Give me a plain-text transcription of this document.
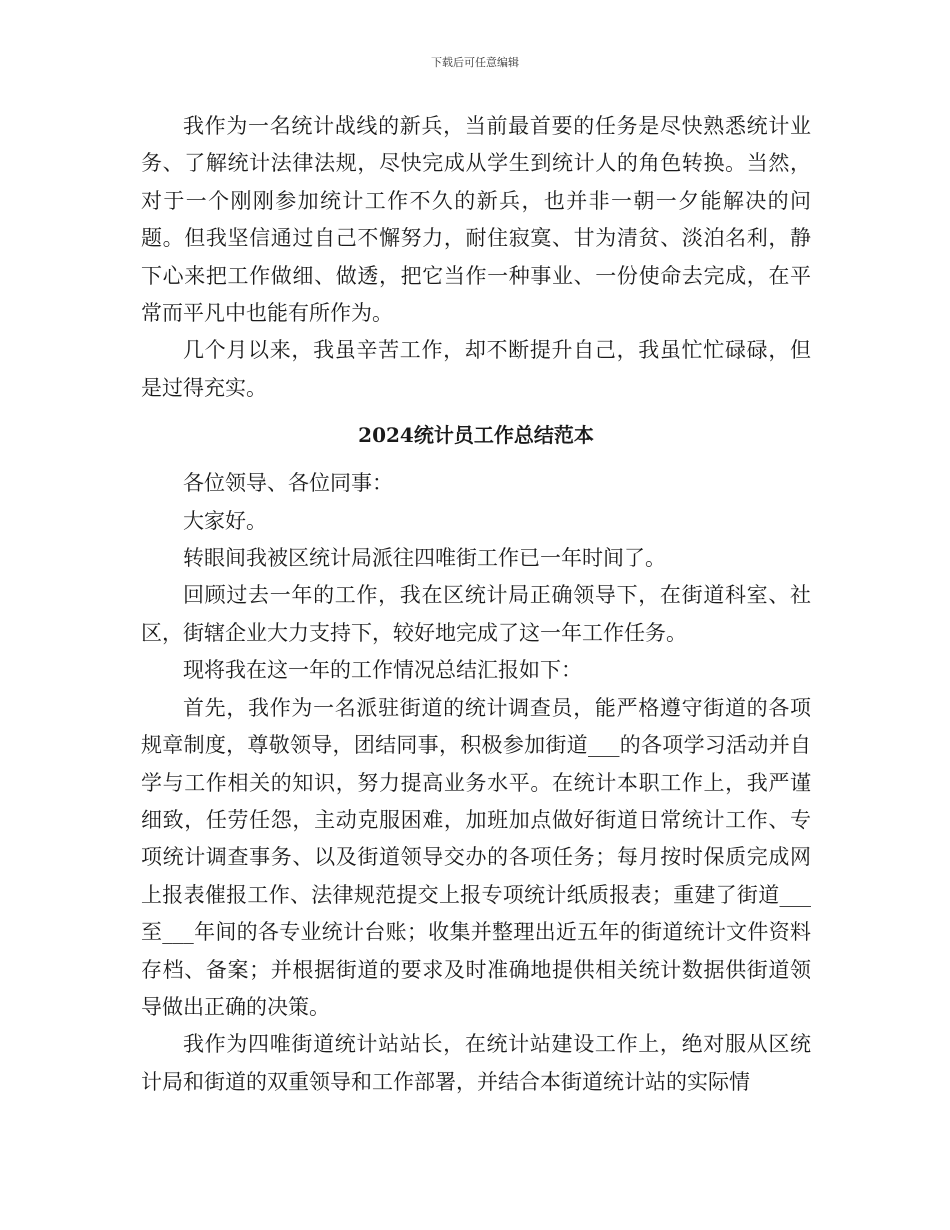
下载后可任意编辑

我作为一名统计战线的新兵，当前最首要的任务是尽快熟悉统计业务、了解统计法律法规，尽快完成从学生到统计人的角色转换。当然，对于一个刚刚参加统计工作不久的新兵，也并非一朝一夕能解决的问题。但我坚信通过自己不懈努力，耐住寂寞、甘为清贫、淡泊名利，静下心来把工作做细、做透，把它当作一种事业、一份使命去完成，在平常而平凡中也能有所作为。

几个月以来，我虽辛苦工作，却不断提升自己，我虽忙忙碌碌，但是过得充实。

2024统计员工作总结范本

各位领导、各位同事：

大家好。

转眼间我被区统计局派往四唯街工作已一年时间了。

回顾过去一年的工作，我在区统计局正确领导下，在街道科室、社区，街辖企业大力支持下，较好地完成了这一年工作任务。

现将我在这一年的工作情况总结汇报如下：

首先，我作为一名派驻街道的统计调查员，能严格遵守街道的各项规章制度，尊敬领导，团结同事，积极参加街道___的各项学习活动并自学与工作相关的知识，努力提高业务水平。在统计本职工作上，我严谨细致，任劳任怨，主动克服困难，加班加点做好街道日常统计工作、专项统计调查事务、以及街道领导交办的各项任务；每月按时保质完成网上报表催报工作、法律规范提交上报专项统计纸质报表；重建了街道___至___年间的各专业统计台账；收集并整理出近五年的街道统计文件资料存档、备案；并根据街道的要求及时准确地提供相关统计数据供街道领导做出正确的决策。

我作为四唯街道统计站站长，在统计站建设工作上，绝对服从区统计局和街道的双重领导和工作部署，并结合本街道统计站的实际情
